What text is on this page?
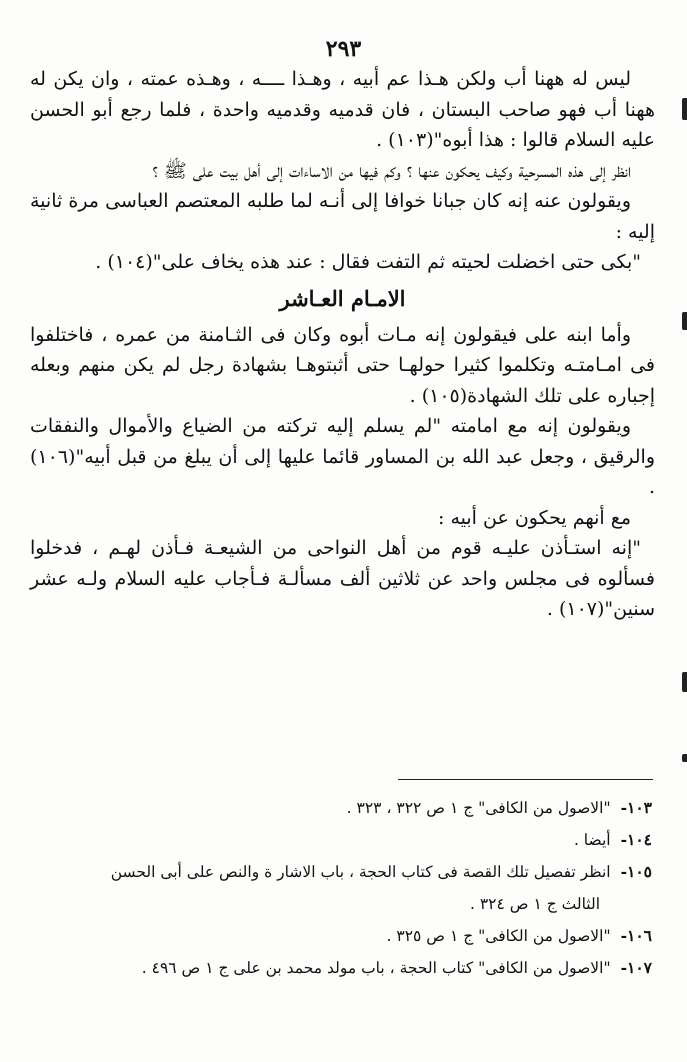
٢٩٣

ليس له ههنا أب ولكن هـذا عم أبيه ، وهـذا ــــه ، وهـذه عمته ، وان يكن له ههنا أب فهو صاحب البستان ، فان قدميه وقدميه واحدة ، فلما رجع أبو الحسن عليه السلام قالوا : هذا أبوه"(١٠٣) .

انظر إلى هذه المسرحية وكيف يحكون عنها ؟ وكم فيها من الاساءات إلى أهل بيت على ﷺ ؟

ويقولون عنه إنه كان جبانا خوافا إلى أنـه لما طلبه المعتصم العباسى مرة ثانية إليه :

"بكى حتى اخضلت لحيته ثم التفت فقال : عند هذه يخاف على"(١٠٤) .

الامـام العـاشر

وأما ابنه على فيقولون إنه مـات أبوه وكان فى الثـامنة من عمره ، فاختلفوا فى امـامتـه وتكلموا كثيرا حولهـا حتى أثبتوهـا بشهادة رجل لم يكن منهم وبعله إجباره على تلك الشهادة(١٠٥) .

ويقولون إنه مع امامته "لم يسلم إليه تركته من الضياع والأموال والنفقات والرقيق ، وجعل عبد الله بن المساور قائما عليها إلى أن يبلغ من قبل أبيه"(١٠٦) .

مع أنهم يحكون عن أبيه :

"إنه استـأذن عليـه قوم من أهل النواحى من الشيعـة فـأذن لهـم ، فدخلوا فسألوه فى مجلس واحد عن ثلاثين ألف مسألـة فـأجاب عليه السلام ولـه عشر سنين"(١٠٧) .

١٠٣-"الاصول من الكافى" ج ١ ص ٣٢٢ ، ٣٢٣ .

١٠٤-أيضا .

١٠٥-انظر تفصيل تلك القصة فى كتاب الحجة ، باب الاشار ة والنص على أبى الحسن

الثالث ج ١ ص ٣٢٤ .

١٠٦-"الاصول من الكافى" ج ١ ص ٣٢٥ .

١٠٧-"الاصول من الكافى" كتاب الحجة ، باب مولد محمد بن على ج ١ ص ٤٩٦ .
